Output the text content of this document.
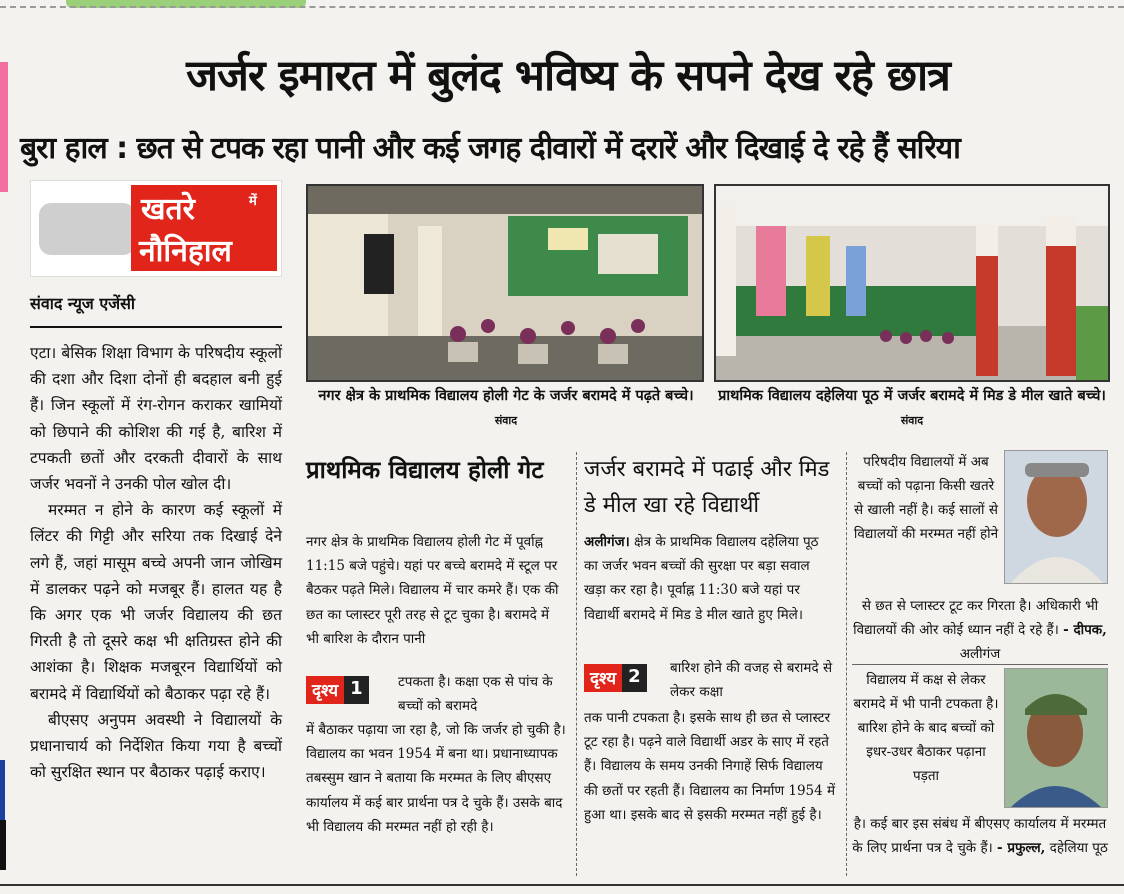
जर्जर इमारत में बुलंद भविष्य के सपने देख रहे छात्र
बुरा हाल : छत से टपक रहा पानी और कई जगह दीवारों में दरारें और दिखाई दे रहे हैं सरिया
खतरे	में
नौनिहाल
संवाद न्यूज एजेंसी

एटा। बेसिक शिक्षा विभाग के परिषदीय स्कूलों की दशा और दिशा दोनों ही बदहाल बनी हुई हैं। जिन स्कूलों में रंग-रोगन कराकर खामियों को छिपाने की कोशिश की गई है, बारिश में टपकती छतों और दरकती दीवारों के साथ जर्जर भवनों ने उनकी पोल खोल दी।

मरम्मत न होने के कारण कई स्कूलों में लिंटर की गिट्टी और सरिया तक दिखाई देने लगे हैं, जहां मासूम बच्चे अपनी जान जोखिम में डालकर पढ़ने को मजबूर हैं। हालत यह है कि अगर एक भी जर्जर विद्यालय की छत गिरती है तो दूसरे कक्ष भी क्षतिग्रस्त होने की आशंका है। शिक्षक मजबूरन विद्यार्थियों को बरामदे में विद्यार्थियों को बैठाकर पढ़ा रहे हैं।

बीएसए अनुपम अवस्थी ने विद्यालयों के प्रधानाचार्य को निर्देशित किया गया है बच्चों को सुरक्षित स्थान पर बैठाकर पढ़ाई कराए।

नगर क्षेत्र के प्राथमिक विद्यालय होली गेट के जर्जर बरामदे में पढ़ते बच्चे। संवाद
प्राथमिक विद्यालय दहेलिया पूठ में जर्जर बरामदे में मिड डे मील खाते बच्चे। संवाद
प्राथमिक विद्यालय होली गेट
नगर क्षेत्र के प्राथमिक विद्यालय होली गेट में पूर्वाह्न 11:15 बजे पहुंचे। यहां पर बच्चे बरामदे में स्टूल पर बैठकर पढ़ते मिले। विद्यालय में चार कमरे हैं। एक की छत का प्लास्टर पूरी तरह से टूट चुका है। बरामदे में भी बारिश के दौरान पानी
दृश्य 1	टपकता है। कक्षा एक से पांच के बच्चों को बरामदे
में बैठाकर पढ़ाया जा रहा है, जो कि जर्जर हो चुकी है। विद्यालय का भवन 1954 में बना था। प्रधानाध्यापक तबस्सुम खान ने बताया कि मरम्मत के लिए बीएसए कार्यालय में कई बार प्रार्थना पत्र दे चुके हैं। उसके बाद भी विद्यालय की मरम्मत नहीं हो रही है।
जर्जर बरामदे में पढाई और मिड डे मील खा रहे विद्यार्थी
अलीगंज। क्षेत्र के प्राथमिक विद्यालय दहेलिया पूठ का जर्जर भवन बच्चों की सुरक्षा पर बड़ा सवाल खड़ा कर रहा है। पूर्वाह्न 11:30 बजे यहां पर विद्यार्थी बरामदे में मिड डे मील खाते हुए मिले।
दृश्य 2	बारिश होने की वजह से बरामदे से लेकर कक्षा
तक पानी टपकता है। इसके साथ ही छत से प्लास्टर टूट रहा है। पढ़ने वाले विद्यार्थी अडर के साए में रहते हैं। विद्यालय के समय उनकी निगाहें सिर्फ विद्यालय की छतों पर रहती हैं। विद्यालय का निर्माण 1954 में हुआ था। इसके बाद से इसकी मरम्मत नहीं हुई है।
परिषदीय विद्यालयों में अब बच्चों को पढ़ाना किसी खतरे से खाली नहीं है। कई सालों से विद्यालयों की मरम्मत नहीं होने
से छत से प्लास्टर टूट कर गिरता है। अधिकारी भी विद्यालयों की ओर कोई ध्यान नहीं दे रहे हैं। - दीपक, अलीगंज
विद्यालय में कक्ष से लेकर बरामदे में भी पानी टपकता है। बारिश होने के बाद बच्चों को इधर-उधर बैठाकर पढ़ाना पड़ता
है। कई बार इस संबंध में बीएसए कार्यालय में मरम्मत के लिए प्रार्थना पत्र दे चुके हैं। - प्रफुल्ल, दहेलिया पूठ
